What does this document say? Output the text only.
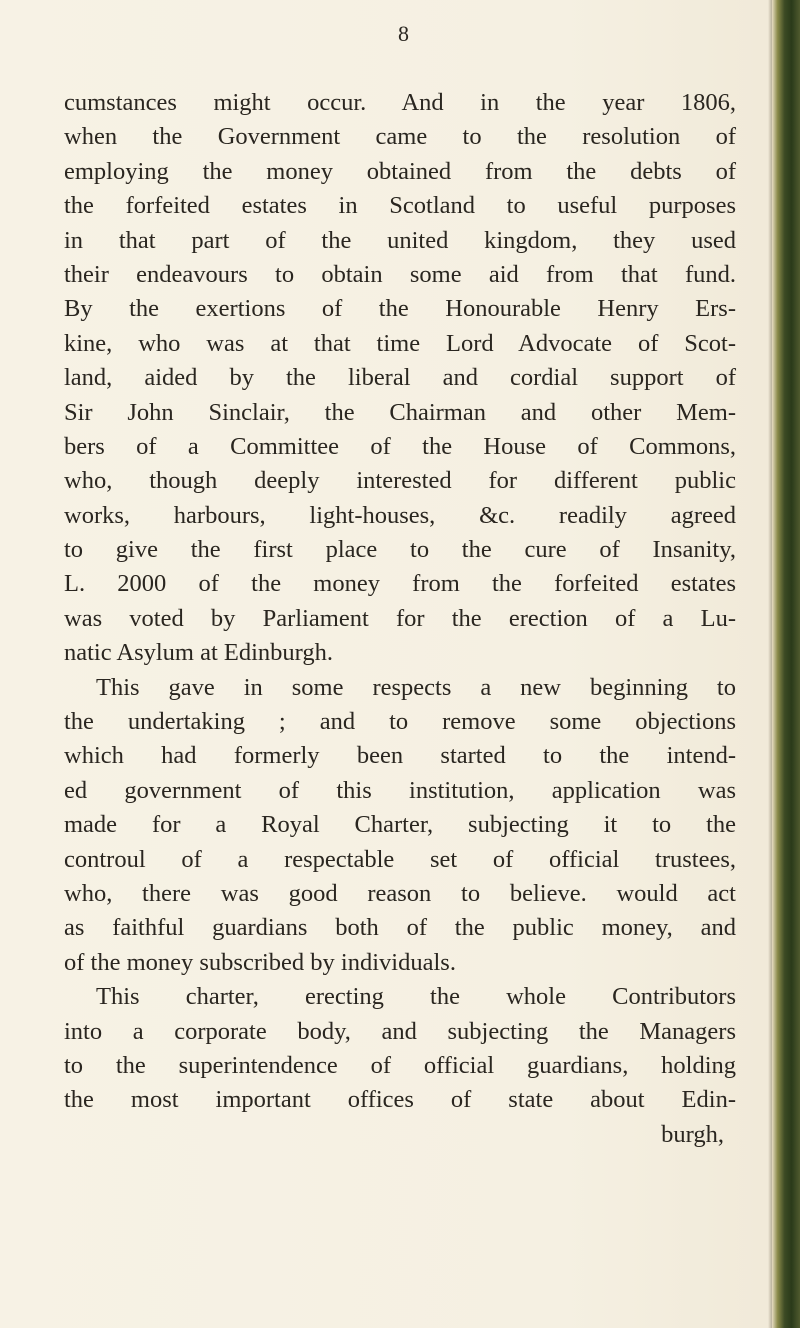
8
cumstances might occur. And in the year 1806,
when the Government came to the resolution of
employing the money obtained from the debts of
the forfeited estates in Scotland to useful purposes
in that part of the united kingdom, they used
their endeavours to obtain some aid from that fund.
By the exertions of the Honourable Henry Ers-
kine, who was at that time Lord Advocate of Scot-
land, aided by the liberal and cordial support of
Sir John Sinclair, the Chairman and other Mem-
bers of a Committee of the House of Commons,
who, though deeply interested for different public
works, harbours, light-houses, &c. readily agreed
to give the first place to the cure of Insanity,
L. 2000 of the money from the forfeited estates
was voted by Parliament for the erection of a Lu-
natic Asylum at Edinburgh.
This gave in some respects a new beginning to
the undertaking ; and to remove some objections
which had formerly been started to the intend-
ed government of this institution, application was
made for a Royal Charter, subjecting it to the
controul of a respectable set of official trustees,
who, there was good reason to believe. would act
as faithful guardians both of the public money, and
of the money subscribed by individuals.
This charter, erecting the whole Contributors
into a corporate body, and subjecting the Managers
to the superintendence of official guardians, holding
the most important offices of state about Edin-
burgh,
